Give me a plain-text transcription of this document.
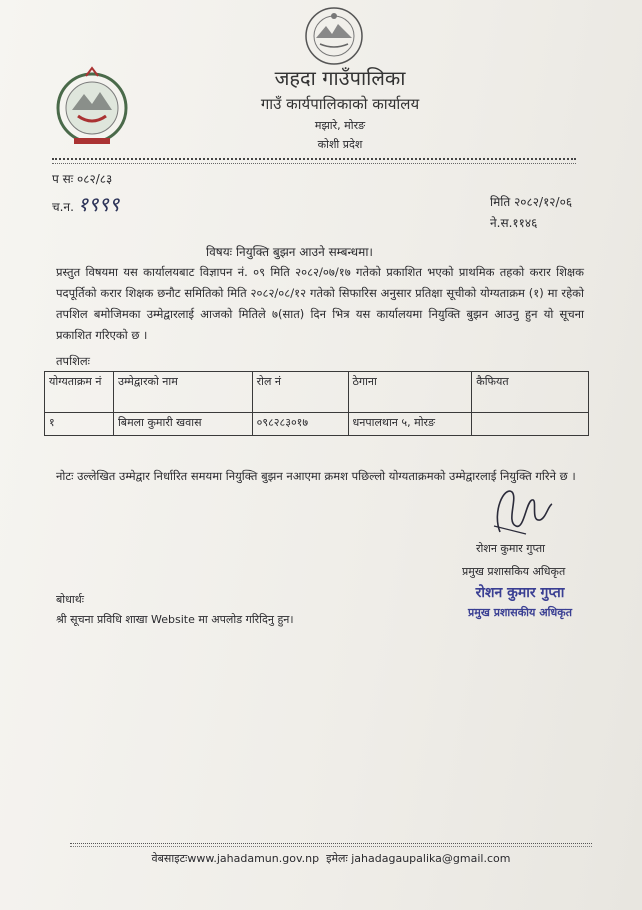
जहदा गाउँपालिका
गाउँ कार्यपालिकाको कार्यालय
मझारे, मोरङ
कोशी प्रदेश
प सः ०८२/८३
च.न. १९९९	मिति २०८२/१२/०६
ने.स.११४६
विषयः नियुक्ति बुझन आउने सम्बन्धमा।
प्रस्तुत विषयमा यस कार्यालयबाट विज्ञापन नं. ०९ मिति २०८२/०७/१७ गतेको प्रकाशित भएको प्राथमिक तहको करार शिक्षक पदपूर्तिको करार शिक्षक छनौट समितिको मिति २०८२/०८/१२ गतेको सिफारिस अनुसार प्रतिक्षा सूचीको योग्यताक्रम (१) मा रहेको तपशिल बमोजिमका उम्मेद्वारलाई आजको मितिले ७(सात) दिन भित्र यस कार्यालयमा नियुक्ति बुझन आउनु हुन यो सूचना प्रकाशित गरिएको छ ।
तपशिलः
योग्यताक्रम नं	उम्मेद्वारको नाम	रोल नं	ठेगाना	कैफियत
१	बिमला कुमारी खवास	०९८२८३०१७	धनपालथान ५, मोरङ	
नोटः उल्लेखित उम्मेद्वार निर्धारित समयमा नियुक्ति बुझन नआएमा क्रमश पछिल्लो योग्यताक्रमको उम्मेद्वारलाई नियुक्ति गरिने छ ।
रोशन कुमार गुप्ता
प्रमुख प्रशासकिय अधिकृत
रोशन कुमार गुप्ता
प्रमुख प्रशासकीय अधिकृत
बोधार्थः
श्री सूचना प्रविधि शाखा Website मा अपलोड गरिदिनु हुन।
वेबसाइटःwww.jahadamun.gov.np इमेलः jahadagaupalika@gmail.com
